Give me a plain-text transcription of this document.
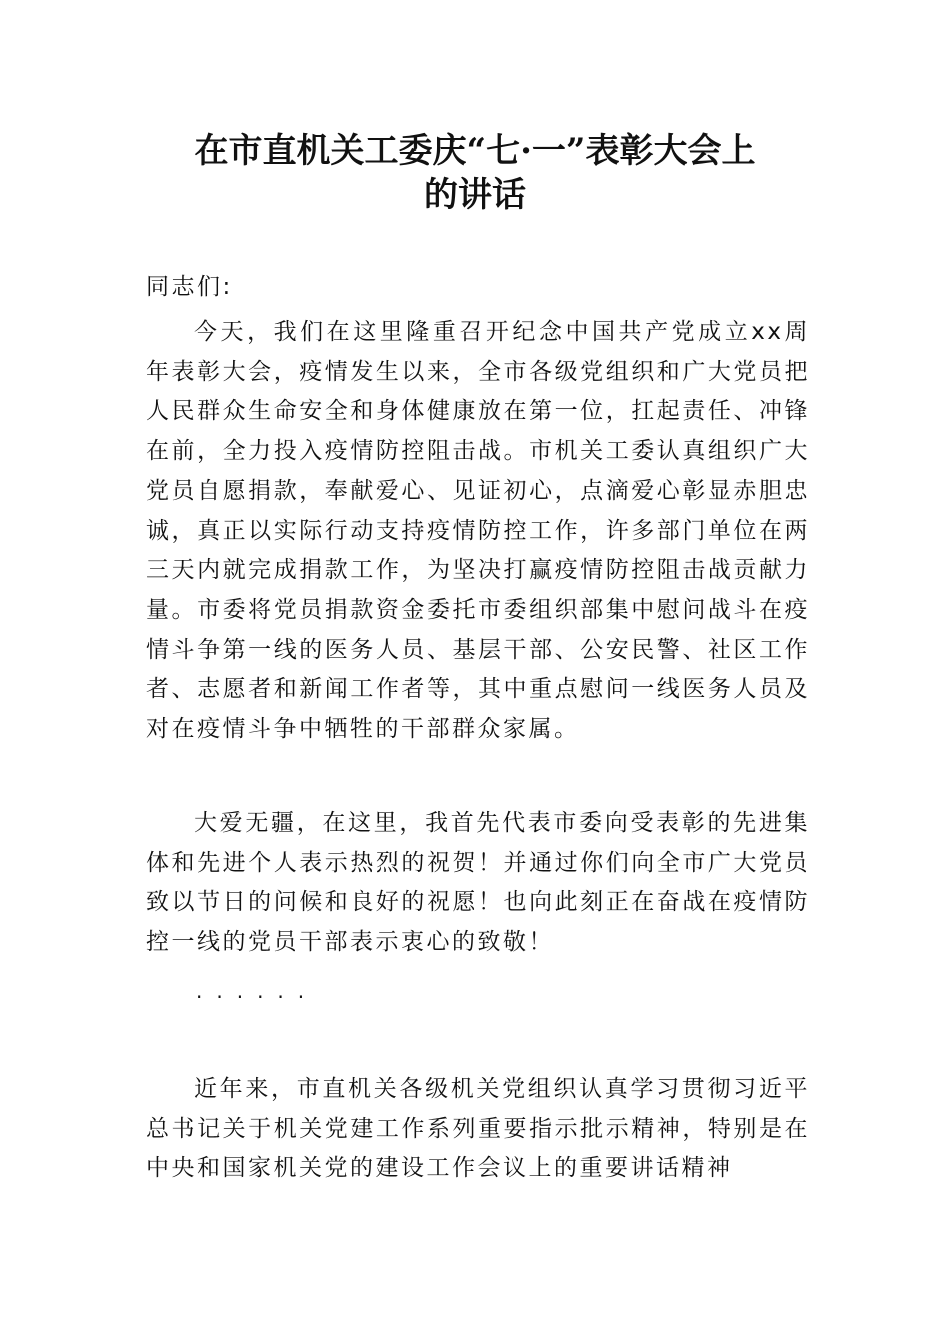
在市直机关工委庆“七·一”表彰大会上
的讲话

同志们:

今天，我们在这里隆重召开纪念中国共产党成立xx周年表彰大会，疫情发生以来，全市各级党组织和广大党员把人民群众生命安全和身体健康放在第一位，扛起责任、冲锋在前，全力投入疫情防控阻击战。市机关工委认真组织广大党员自愿捐款，奉献爱心、见证初心，点滴爱心彰显赤胆忠诚，真正以实际行动支持疫情防控工作，许多部门单位在两三天内就完成捐款工作，为坚决打赢疫情防控阻击战贡献力量。市委将党员捐款资金委托市委组织部集中慰问战斗在疫情斗争第一线的医务人员、基层干部、公安民警、社区工作者、志愿者和新闻工作者等，其中重点慰问一线医务人员及对在疫情斗争中牺牲的干部群众家属。

大爱无疆，在这里，我首先代表市委向受表彰的先进集体和先进个人表示热烈的祝贺！并通过你们向全市广大党员致以节日的问候和良好的祝愿！也向此刻正在奋战在疫情防控一线的党员干部表示衷心的致敬！

······

近年来，市直机关各级机关党组织认真学习贯彻习近平总书记关于机关党建工作系列重要指示批示精神，特别是在中央和国家机关党的建设工作会议上的重要讲话精神
